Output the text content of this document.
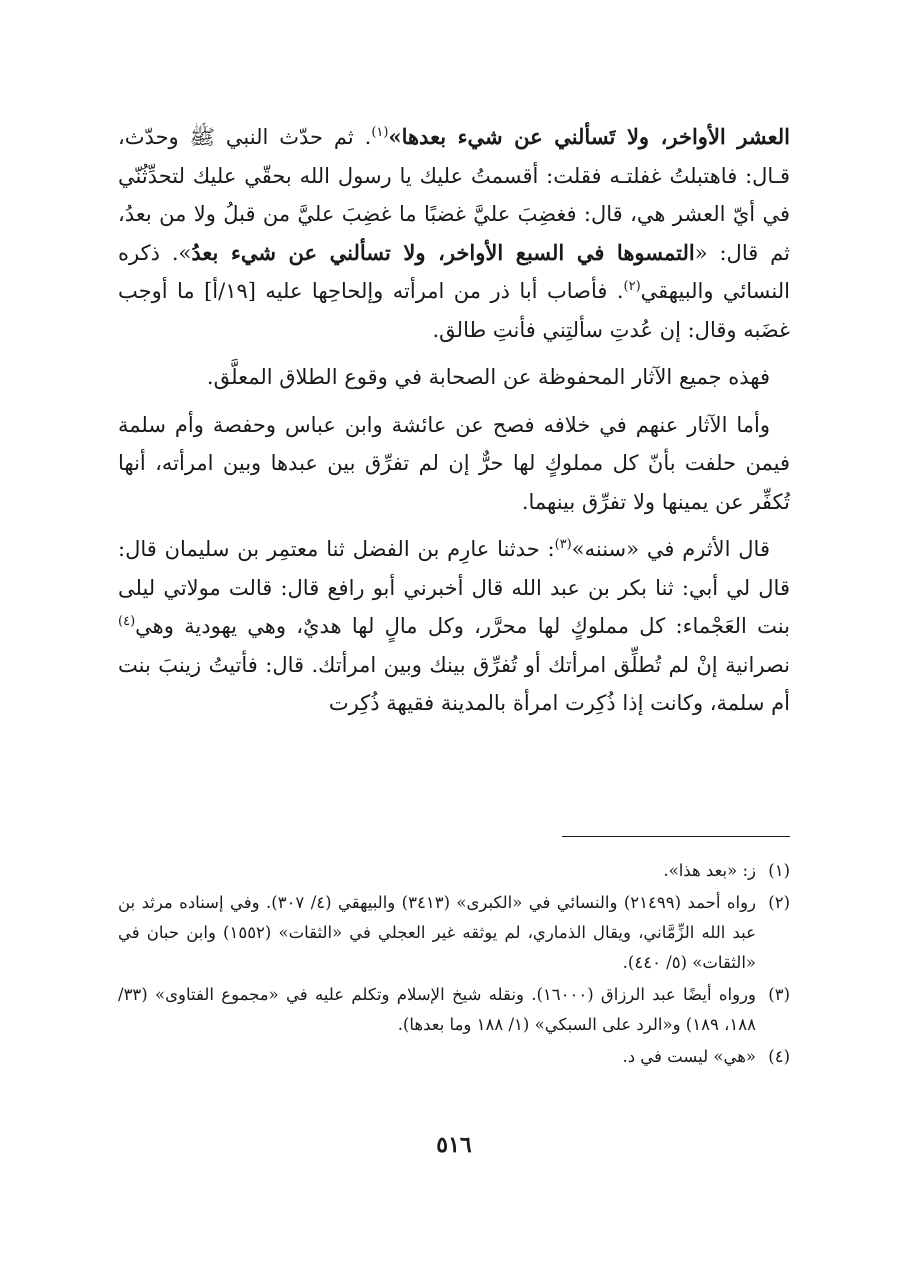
العشر الأواخر، ولا تَسألني عن شيء بعدها»$^{(١)}$. ثم حدّث النبي ﷺ وحدّث، قـال: فاهتبلتُ غفلتـه فقلت: أقسمتُ عليك يا رسول الله بحقّي عليك لتحدِّثُنّي في أيّ العشر هي، قال: فغضِبَ عليَّ غضبًا ما غضِبَ عليَّ من قبلُ ولا من بعدُ، ثم قال: «التمسوها في السبع الأواخر، ولا تسألني عن شيء بعدُ». ذكره النسائي والبيهقي$^{(٢)}$. فأصاب أبا ذر من امرأته وإلحاحِها عليه [١٩/أ] ما أوجب غضَبه وقال: إن عُدتِ سألتِني فأنتِ طالق.

فهذه جميع الآثار المحفوظة عن الصحابة في وقوع الطلاق المعلَّق.

وأما الآثار عنهم في خلافه فصح عن عائشة وابن عباس وحفصة وأم سلمة فيمن حلفت بأنّ كل مملوكٍ لها حرٌّ إن لم تفرِّق بين عبدها وبين امرأته، أنها تُكفِّر عن يمينها ولا تفرِّق بينهما.

قال الأثرم في «سننه»$^{(٣)}$: حدثنا عارِم بن الفضل ثنا معتمِر بن سليمان قال: قال لي أبي: ثنا بكر بن عبد الله قال أخبرني أبو رافع قال: قالت مولاتي ليلى بنت العَجْماء: كل مملوكٍ لها محرَّر، وكل مالٍ لها هديٌ، وهي يهودية وهي$^{(٤)}$ نصرانية إنْ لم تُطلِّق امرأتك أو تُفرِّق بينك وبين امرأتك. قال: فأتيتُ زينبَ بنت أم سلمة، وكانت إذا ذُكِرت امرأة بالمدينة فقيهة ذُكِرت

(١)
ز: «بعد هذا».
(٢)
رواه أحمد (٢١٤٩٩) والنسائي في «الكبرى» (٣٤١٣) والبيهقي (٤/ ٣٠٧). وفي إسناده مرثد بن عبد الله الزِّمَّاني، ويقال الذماري، لم يوثقه غير العجلي في «الثقات» (١٥٥٢) وابن حبان في «الثقات» (٥/ ٤٤٠).
(٣)
ورواه أيضًا عبد الرزاق (١٦٠٠٠). ونقله شيخ الإسلام وتكلم عليه في «مجموع الفتاوى» (٣٣/ ١٨٨، ١٨٩) و«الرد على السبكي» (١/ ١٨٨ وما بعدها).
(٤)
«هي» ليست في د.
٥١٦
